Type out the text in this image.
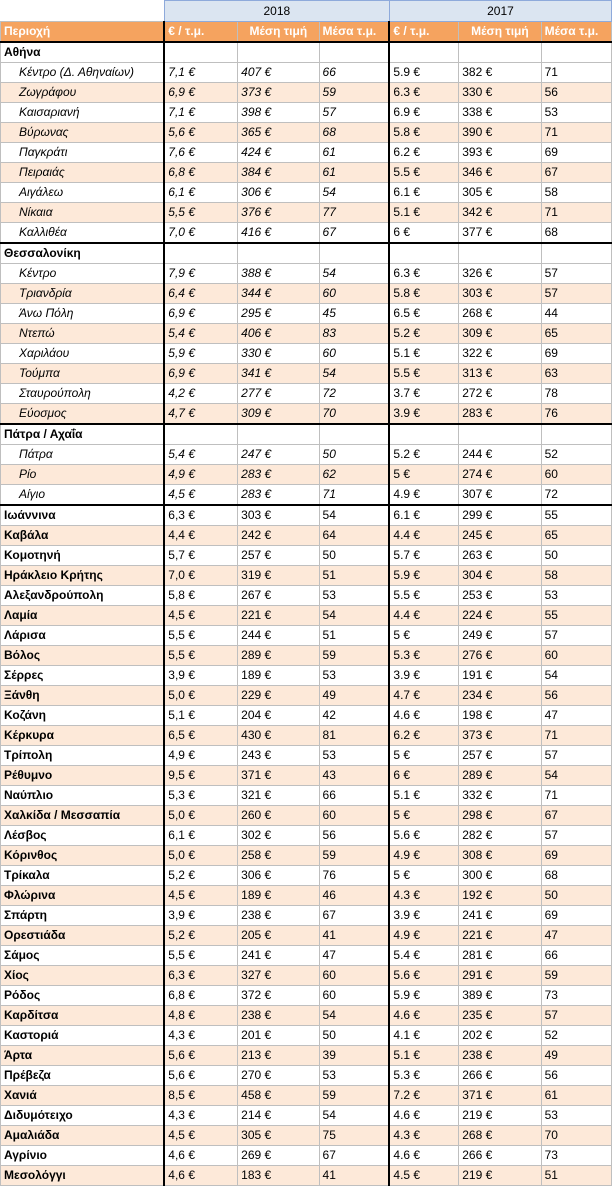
	2018			2017		
Περιοχή	€ / τ.μ.	Μέση τιμή	Μέσα τ.μ.	€ / τ.μ.	Μέση τιμή	Μέσα τ.μ.
Αθήνα						
Κέντρο (Δ. Αθηναίων)	7,1 €	407 €	66	5.9 €	382 €	71
Ζωγράφου	6,9 €	373 €	59	6.3 €	330 €	56
Καισαριανή	7,1 €	398 €	57	6.9 €	338 €	53
Βύρωνας	5,6 €	365 €	68	5.8 €	390 €	71
Παγκράτι	7,6 €	424 €	61	6.2 €	393 €	69
Πειραιάς	6,8 €	384 €	61	5.5 €	346 €	67
Αιγάλεω	6,1 €	306 €	54	6.1 €	305 €	58
Νίκαια	5,5 €	376 €	77	5.1 €	342 €	71
Καλλιθέα	7,0 €	416 €	67	6 €	377 €	68
Θεσσαλονίκη						
Κέντρο	7,9 €	388 €	54	6.3 €	326 €	57
Τριανδρία	6,4 €	344 €	60	5.8 €	303 €	57
Άνω Πόλη	6,9 €	295 €	45	6.5 €	268 €	44
Ντεπώ	5,4 €	406 €	83	5.2 €	309 €	65
Χαριλάου	5,9 €	330 €	60	5.1 €	322 €	69
Τούμπα	6,9 €	341 €	54	5.5 €	313 €	63
Σταυρούπολη	4,2 €	277 €	72	3.7 €	272 €	78
Εύοσμος	4,7 €	309 €	70	3.9 €	283 €	76
Πάτρα / Αχαΐα						
Πάτρα	5,4 €	247 €	50	5.2 €	244 €	52
Ρίο	4,9 €	283 €	62	5 €	274 €	60
Αίγιο	4,5 €	283 €	71	4.9 €	307 €	72
Ιωάννινα	6,3 €	303 €	54	6.1 €	299 €	55
Καβάλα	4,4 €	242 €	64	4.4 €	245 €	65
Κομοτηνή	5,7 €	257 €	50	5.7 €	263 €	50
Ηράκλειο Κρήτης	7,0 €	319 €	51	5.9 €	304 €	58
Αλεξανδρούπολη	5,8 €	267 €	53	5.5 €	253 €	53
Λαμία	4,5 €	221 €	54	4.4 €	224 €	55
Λάρισα	5,5 €	244 €	51	5 €	249 €	57
Βόλος	5,5 €	289 €	59	5.3 €	276 €	60
Σέρρες	3,9 €	189 €	53	3.9 €	191 €	54
Ξάνθη	5,0 €	229 €	49	4.7 €	234 €	56
Κοζάνη	5,1 €	204 €	42	4.6 €	198 €	47
Κέρκυρα	6,5 €	430 €	81	6.2 €	373 €	71
Τρίπολη	4,9 €	243 €	53	5 €	257 €	57
Ρέθυμνο	9,5 €	371 €	43	6 €	289 €	54
Ναύπλιο	5,3 €	321 €	66	5.1 €	332 €	71
Χαλκίδα / Μεσσαπία	5,0 €	260 €	60	5 €	298 €	67
Λέσβος	6,1 €	302 €	56	5.6 €	282 €	57
Κόρινθος	5,0 €	258 €	59	4.9 €	308 €	69
Τρίκαλα	5,2 €	306 €	76	5 €	300 €	68
Φλώρινα	4,5 €	189 €	46	4.3 €	192 €	50
Σπάρτη	3,9 €	238 €	67	3.9 €	241 €	69
Ορεστιάδα	5,2 €	205 €	41	4.9 €	221 €	47
Σάμος	5,5 €	241 €	47	5.4 €	281 €	66
Χίος	6,3 €	327 €	60	5.6 €	291 €	59
Ρόδος	6,8 €	372 €	60	5.9 €	389 €	73
Καρδίτσα	4,8 €	238 €	54	4.6 €	235 €	57
Καστοριά	4,3 €	201 €	50	4.1 €	202 €	52
Άρτα	5,6 €	213 €	39	5.1 €	238 €	49
Πρέβεζα	5,6 €	270 €	53	5.3 €	266 €	56
Χανιά	8,5 €	458 €	59	7.2 €	371 €	61
Διδυμότειχο	4,3 €	214 €	54	4.6 €	219 €	53
Αμαλιάδα	4,5 €	305 €	75	4.3 €	268 €	70
Αγρίνιο	4,6 €	269 €	67	4.6 €	266 €	73
Μεσολόγγι	4,6 €	183 €	41	4.5 €	219 €	51
